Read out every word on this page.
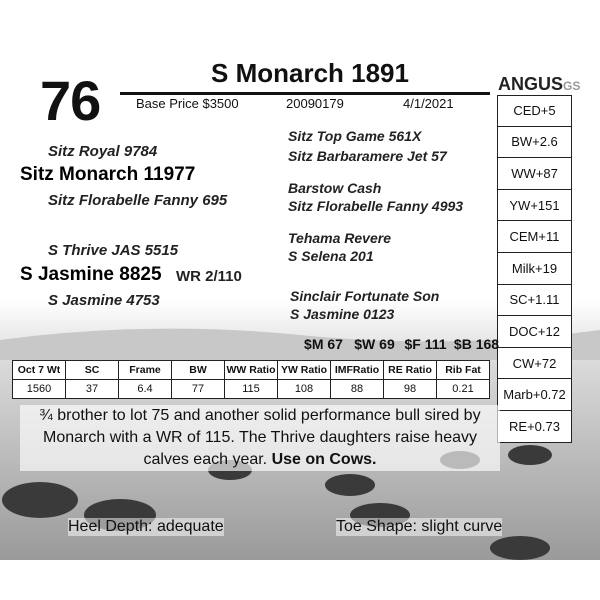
76	S Monarch 1891
Base Price $3500	20090179	4/1/2021
Sitz Royal 9784
Sitz Monarch 11977
Sitz Florabelle Fanny 695
Sitz Top Game 561X
Sitz Barbaramere Jet 57
Barstow Cash
Sitz Florabelle Fanny 4993
S Thrive JAS 5515
S Jasmine 8825 WR 2/110
S Jasmine 4753
Tehama Revere
S Selena 201
Sinclair Fortunate Son
S Jasmine 0123
ANGUSGS
CED+5
BW+2.6
WW+87
YW+151
CEM+11
Milk+19
SC+1.11
DOC+12
CW+72
Marb+0.72
RE+0.73
$M 67 $W 69 $F 111 $B 168
Oct 7 Wt	SC	Frame	BW	WW Ratio	YW Ratio	IMFRatio	RE Ratio	Rib Fat
1560	37	6.4	77	115	108	88	98	0.21
¾ brother to lot 75 and another solid performance bull sired by Monarch with a WR of 115. The Thrive daughters raise heavy calves each year. Use on Cows.
Heel Depth: adequate	Toe Shape: slight curve
